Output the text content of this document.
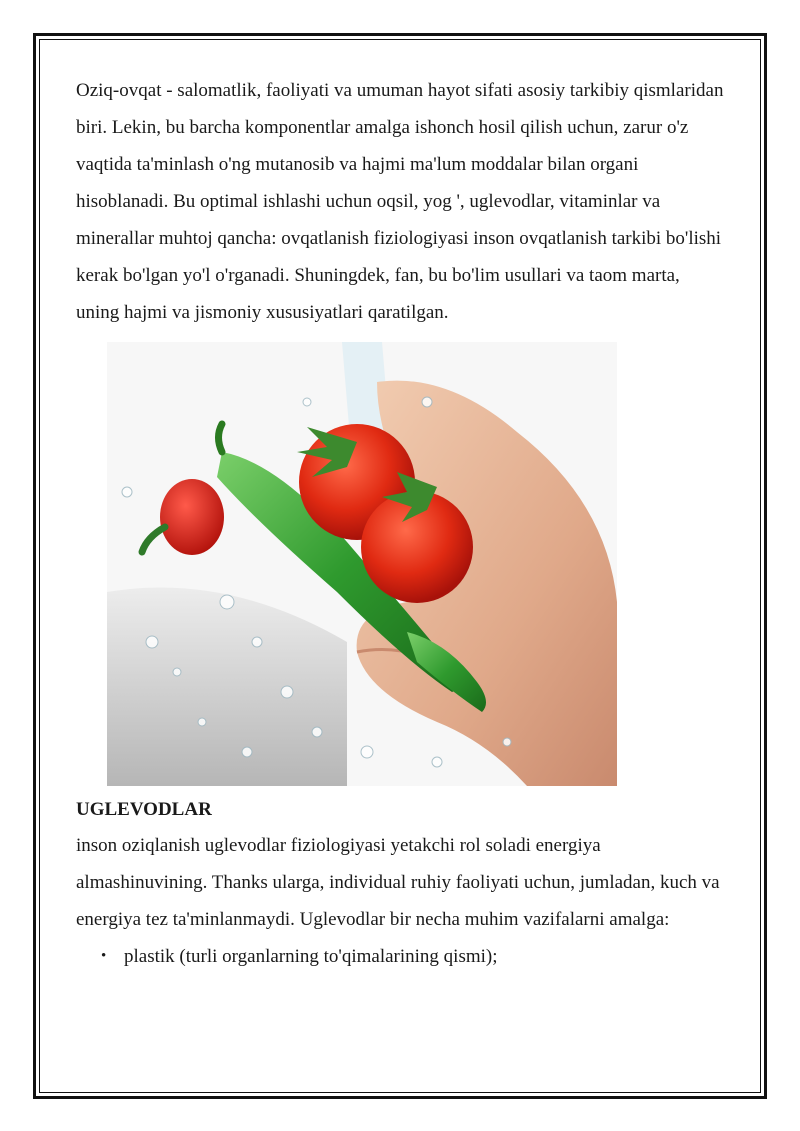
Oziq-ovqat - salomatlik, faoliyati va umuman hayot sifati asosiy tarkibiy qismlaridan biri. Lekin, bu barcha komponentlar amalga ishonch hosil qilish uchun, zarur o'z vaqtida ta'minlash o'ng mutanosib va hajmi ma'lum moddalar bilan organi hisoblanadi. Bu optimal ishlashi uchun oqsil, yog ', uglevodlar, vitaminlar va minerallar muhtoj qancha: ovqatlanish fiziologiyasi inson ovqatlanish tarkibi bo'lishi kerak bo'lgan yo'l o'rganadi. Shuningdek, fan, bu bo'lim usullari va taom marta, uning hajmi va jismoniy xususiyatlari qaratilgan.

UGLEVODLAR

inson oziqlanish uglevodlar fiziologiyasi yetakchi rol soladi energiya almashinuvining. Thanks ularga, individual ruhiy faoliyati uchun, jumladan, kuch va energiya tez ta'minlanmaydi. Uglevodlar bir necha muhim vazifalarni amalga:

• plastik (turli organlarning to'qimalarining qismi);
